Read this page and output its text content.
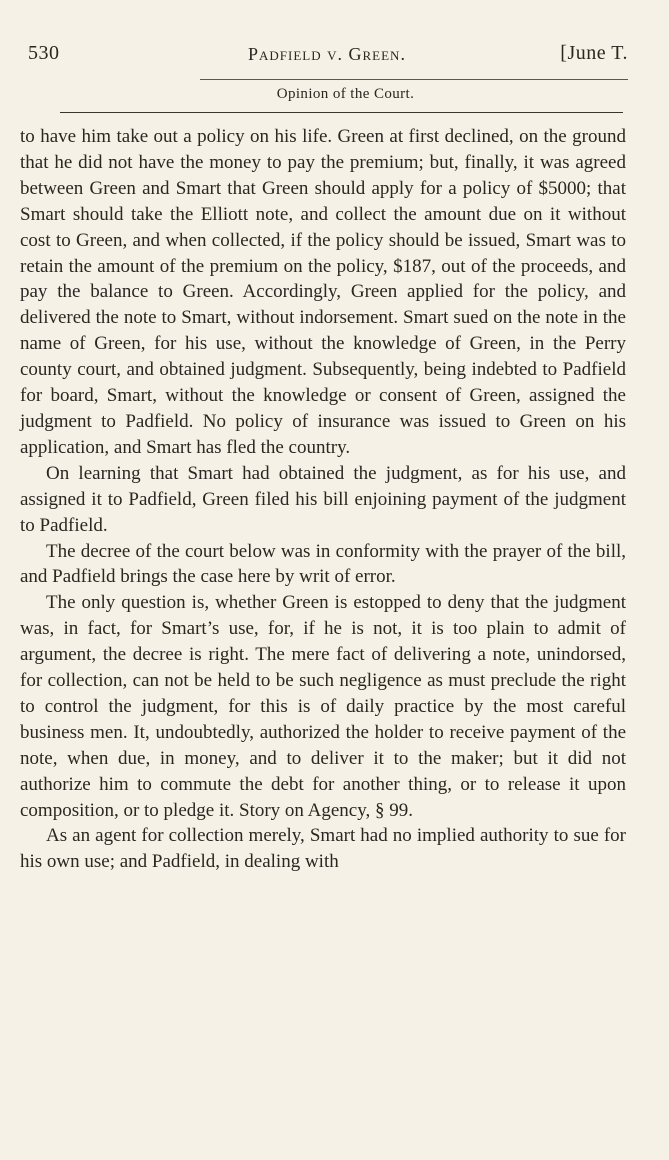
530	Padfield v. Green.	[June T.
Opinion of the Court.

to have him take out a policy on his life. Green at first declined, on the ground that he did not have the money to pay the premium; but, finally, it was agreed between Green and Smart that Green should apply for a policy of $5000; that Smart should take the Elliott note, and collect the amount due on it without cost to Green, and when collected, if the policy should be issued, Smart was to retain the amount of the premium on the policy, $187, out of the proceeds, and pay the balance to Green. Accordingly, Green applied for the policy, and delivered the note to Smart, without indorsement. Smart sued on the note in the name of Green, for his use, without the knowledge of Green, in the Perry county court, and obtained judgment. Subsequently, being indebted to Padfield for board, Smart, without the knowledge or consent of Green, assigned the judgment to Padfield. No policy of insurance was issued to Green on his application, and Smart has fled the country.

On learning that Smart had obtained the judgment, as for his use, and assigned it to Padfield, Green filed his bill enjoining payment of the judgment to Padfield.

The decree of the court below was in conformity with the prayer of the bill, and Padfield brings the case here by writ of error.

The only question is, whether Green is estopped to deny that the judgment was, in fact, for Smart’s use, for, if he is not, it is too plain to admit of argument, the decree is right. The mere fact of delivering a note, unindorsed, for collection, can not be held to be such negligence as must preclude the right to control the judgment, for this is of daily practice by the most careful business men. It, undoubtedly, authorized the holder to receive payment of the note, when due, in money, and to deliver it to the maker; but it did not authorize him to commute the debt for another thing, or to release it upon composition, or to pledge it. Story on Agency, § 99.

As an agent for collection merely, Smart had no implied authority to sue for his own use; and Padfield, in dealing with
